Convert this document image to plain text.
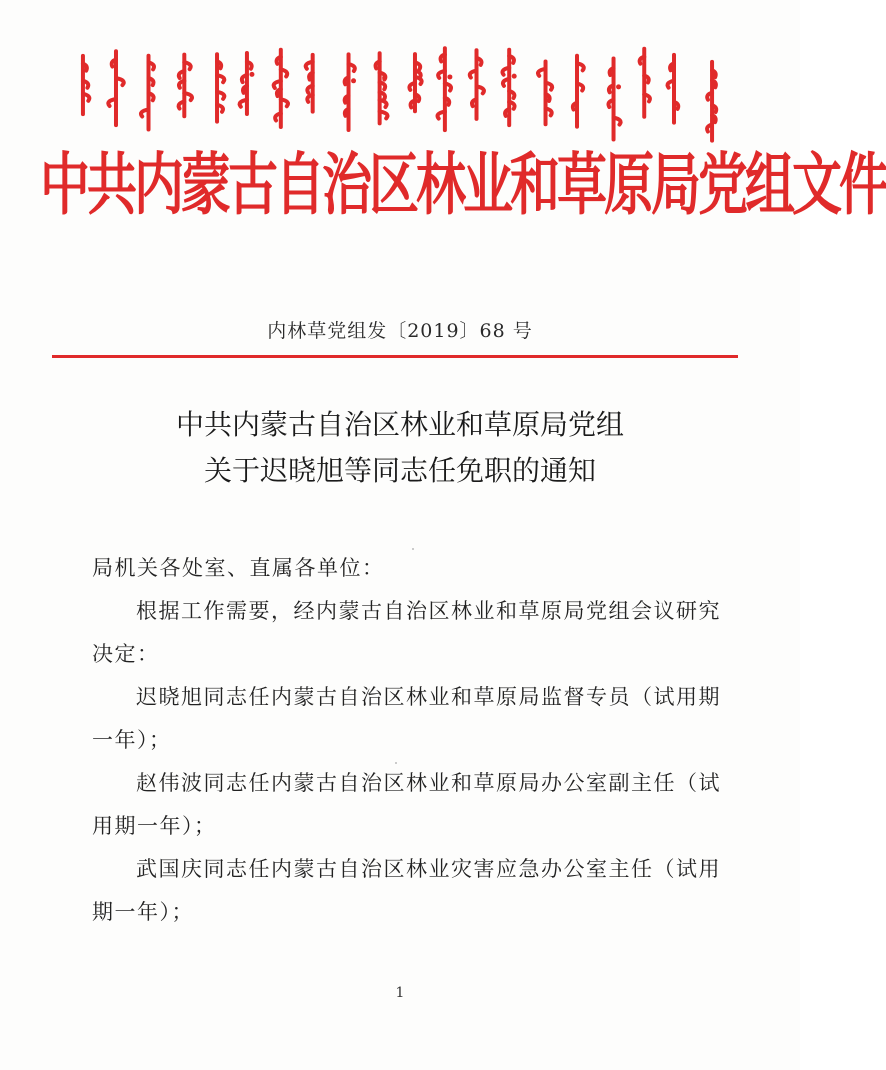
中共内蒙古自治区林业和草原局党组文件
内林草党组发〔2019〕68 号
中共内蒙古自治区林业和草原局党组
关于迟晓旭等同志任免职的通知

局机关各处室、直属各单位：

根据工作需要，经内蒙古自治区林业和草原局党组会议研究决定：

迟晓旭同志任内蒙古自治区林业和草原局监督专员（试用期一年）；

赵伟波同志任内蒙古自治区林业和草原局办公室副主任（试用期一年）；

武国庆同志任内蒙古自治区林业灾害应急办公室主任（试用期一年）；

1
